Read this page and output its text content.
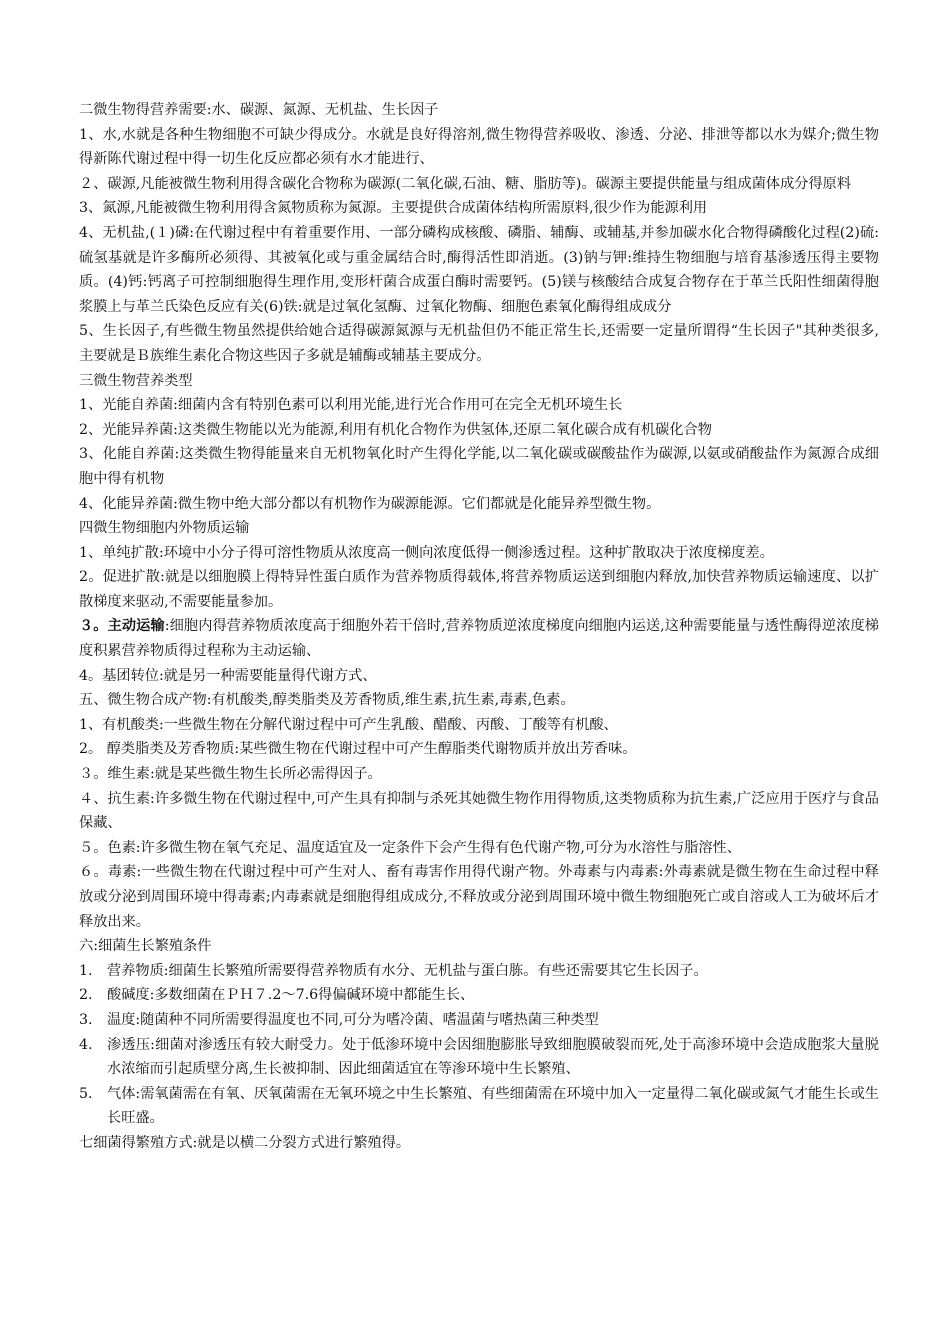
二微生物得营养需要:水、碳源、氮源、无机盐、生长因子

1、水,水就是各种生物细胞不可缺少得成分。水就是良好得溶剂,微生物得营养吸收、渗透、分泌、排泄等都以水为媒介;微生物得新陈代谢过程中得一切生化反应都必须有水才能进行、

２、碳源,凡能被微生物利用得含碳化合物称为碳源(二氧化碳,石油、糖、脂肪等)。碳源主要提供能量与组成菌体成分得原料

3、氮源,凡能被微生物利用得含氮物质称为氮源。主要提供合成菌体结构所需原料,很少作为能源利用

4、无机盐,(１)磷:在代谢过程中有着重要作用、一部分磷构成核酸、磷脂、辅酶、或辅基,并参加碳水化合物得磷酸化过程(2)硫:硫氢基就是许多酶所必须得、其被氧化或与重金属结合时,酶得活性即消逝。(3)钠与钾:维持生物细胞与培育基渗透压得主要物质。(4)钙:钙离子可控制细胞得生理作用,变形杆菌合成蛋白酶时需要钙。(5)镁与核酸结合成复合物存在于革兰氏阳性细菌得胞浆膜上与革兰氏染色反应有关(6)铁:就是过氧化氢酶、过氧化物酶、细胞色素氧化酶得组成成分

5、生长因子,有些微生物虽然提供给她合适得碳源氮源与无机盐但仍不能正常生长,还需要一定量所谓得“生长因子"其种类很多,主要就是Ｂ族维生素化合物这些因子多就是辅酶或辅基主要成分。

三微生物营养类型

1、光能自养菌:细菌内含有特别色素可以利用光能,进行光合作用可在完全无机环境生长

2、光能异养菌:这类微生物能以光为能源,利用有机化合物作为供氢体,还原二氧化碳合成有机碳化合物

3、化能自养菌:这类微生物得能量来自无机物氧化时产生得化学能,以二氧化碳或碳酸盐作为碳源,以氨或硝酸盐作为氮源合成细胞中得有机物

4、化能异养菌:微生物中绝大部分都以有机物作为碳源能源。它们都就是化能异养型微生物。

四微生物细胞内外物质运输

1、单纯扩散:环境中小分子得可溶性物质从浓度高一侧向浓度低得一侧渗透过程。这种扩散取决于浓度梯度差。

2。促进扩散:就是以细胞膜上得特异性蛋白质作为营养物质得载体,将营养物质运送到细胞内释放,加快营养物质运输速度、以扩散梯度来驱动,不需要能量参加。

３。主动运输:细胞内得营养物质浓度高于细胞外若干倍时,营养物质逆浓度梯度向细胞内运送,这种需要能量与透性酶得逆浓度梯度积累营养物质得过程称为主动运输、

4。基团转位:就是另一种需要能量得代谢方式、

五、微生物合成产物:有机酸类,醇类脂类及芳香物质,维生素,抗生素,毒素,色素。

1、有机酸类:一些微生物在分解代谢过程中可产生乳酸、醋酸、丙酸、丁酸等有机酸、

2。 醇类脂类及芳香物质:某些微生物在代谢过程中可产生醇脂类代谢物质并放出芳香味。

３。维生素:就是某些微生物生长所必需得因子。

４、抗生素:许多微生物在代谢过程中,可产生具有抑制与杀死其她微生物作用得物质,这类物质称为抗生素,广泛应用于医疗与食品保藏、

５。色素:许多微生物在氧气充足、温度适宜及一定条件下会产生得有色代谢产物,可分为水溶性与脂溶性、

６。毒素:一些微生物在代谢过程中可产生对人、畜有毒害作用得代谢产物。外毒素与内毒素:外毒素就是微生物在生命过程中释放或分泌到周围环境中得毒素;内毒素就是细胞得组成成分,不释放或分泌到周围环境中微生物细胞死亡或自溶或人工为破坏后才释放出来。

六:细菌生长繁殖条件

1. 营养物质:细菌生长繁殖所需要得营养物质有水分、无机盐与蛋白胨。有些还需要其它生长因子。
2. 酸碱度:多数细菌在ＰＨ７.2～7.6得偏碱环境中都能生长、
3. 温度:随菌种不同所需要得温度也不同,可分为嗜冷菌、嗜温菌与嗜热菌三种类型
4. 渗透压:细菌对渗透压有较大耐受力。处于低渗环境中会因细胞膨胀导致细胞膜破裂而死,处于高渗环境中会造成胞浆大量脱水浓缩而引起质壁分离,生长被抑制、因此细菌适宜在等渗环境中生长繁殖、
5. 气体:需氧菌需在有氧、厌氧菌需在无氧环境之中生长繁殖、有些细菌需在环境中加入一定量得二氧化碳或氮气才能生长或生长旺盛。

七细菌得繁殖方式:就是以横二分裂方式进行繁殖得。
